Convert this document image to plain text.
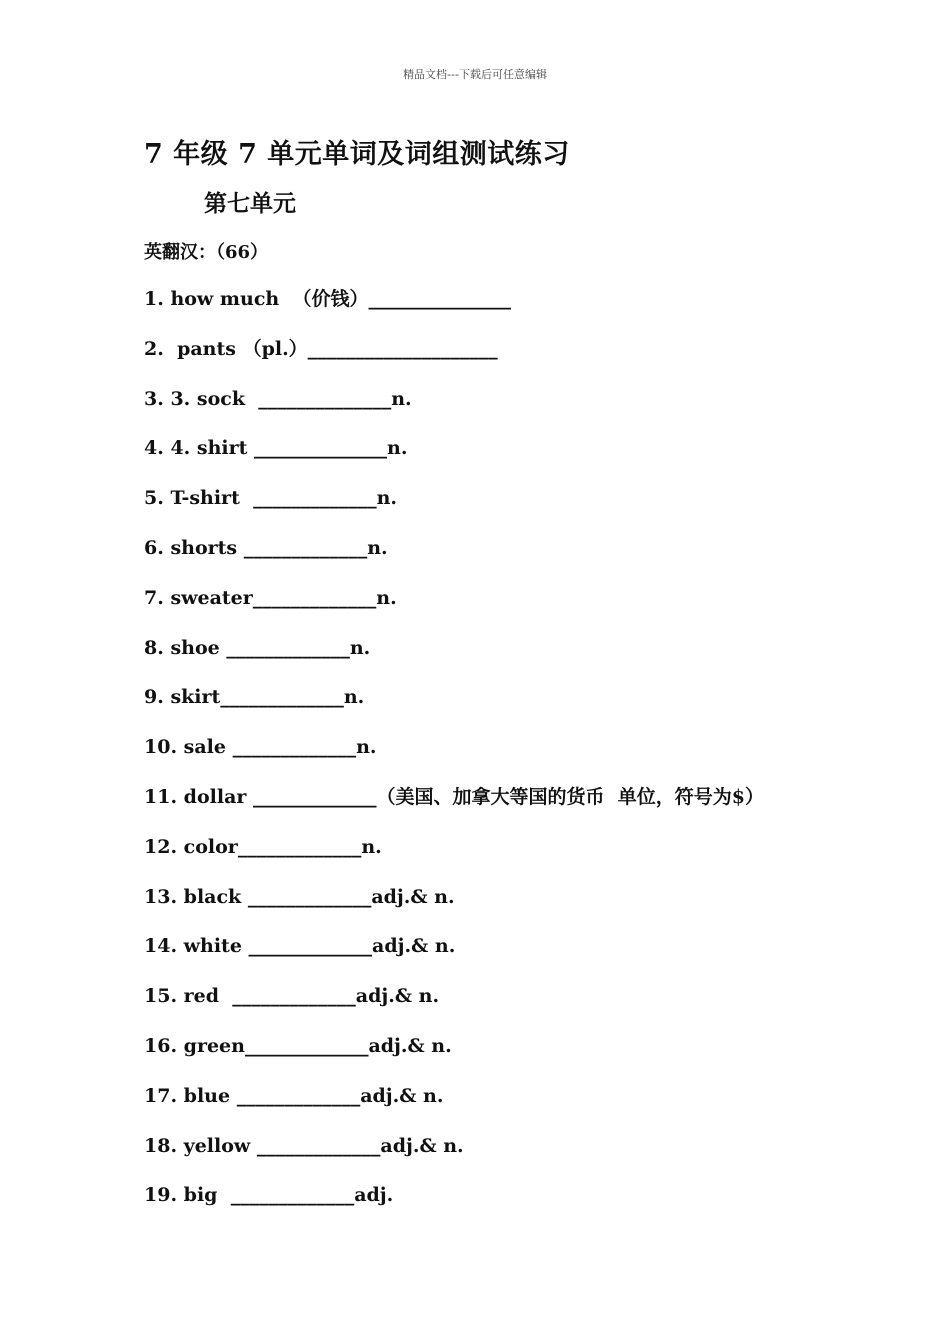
精品文档---下载后可任意编辑
7 年级 7 单元单词及词组测试练习
第七单元
英翻汉：（66）
1. how much  （价钱）_______________
2.  pants （pl.）____________________
3. 3. sock  ______________n.
4. 4. shirt ______________n.
5. T-shirt  _____________n.
6. shorts _____________n.
7. sweater_____________n.
8. shoe _____________n.
9. skirt_____________n.
10. sale _____________n.
11. dollar _____________（美国、加拿大等国的货币  单位，符号为$）
12. color_____________n.
13. black _____________adj.& n.
14. white _____________adj.& n.
15. red  _____________adj.& n.
16. green_____________adj.& n.
17. blue _____________adj.& n.
18. yellow _____________adj.& n.
19. big  _____________adj.
